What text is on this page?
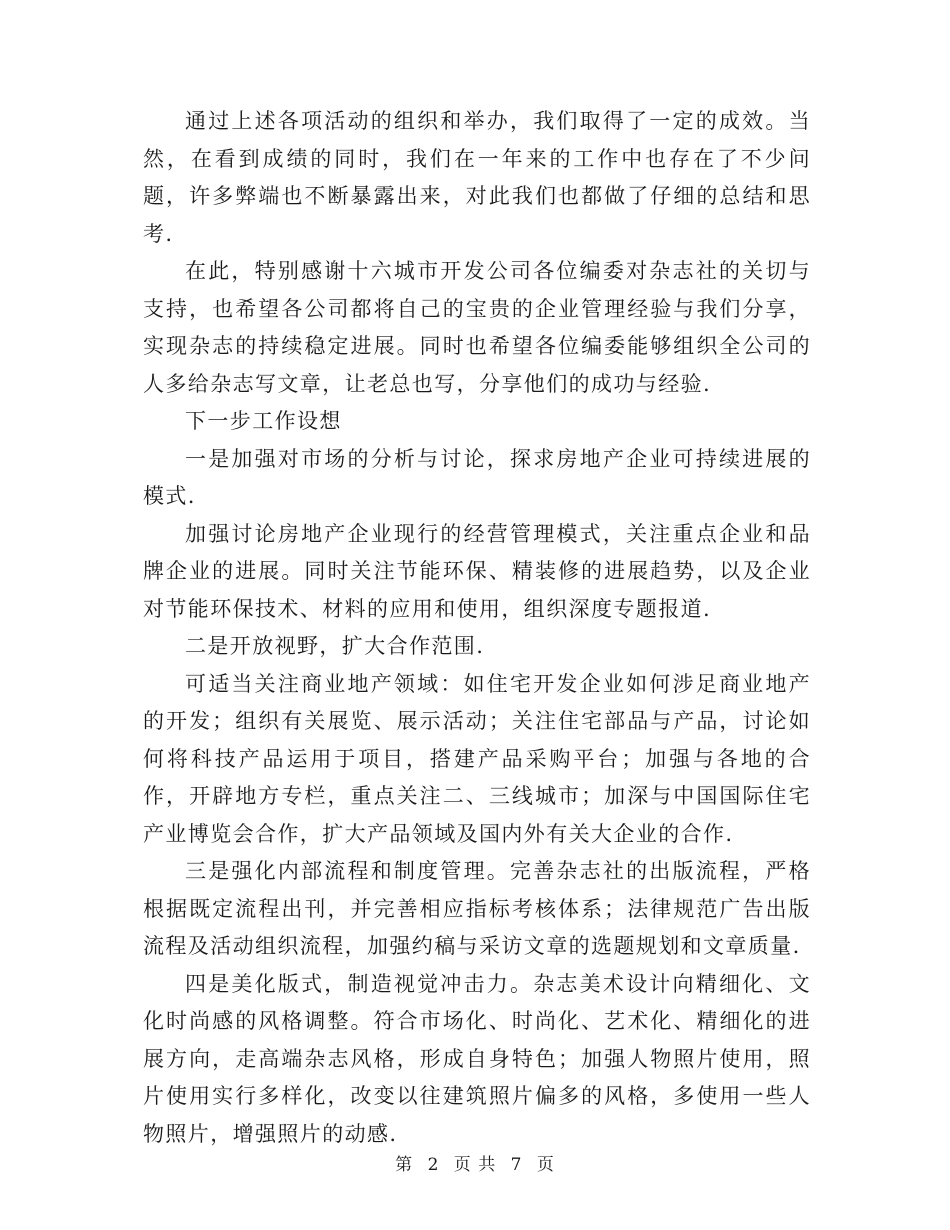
通过上述各项活动的组织和举办，我们取得了一定的成效。当然，在看到成绩的同时，我们在一年来的工作中也存在了不少问题，许多弊端也不断暴露出来，对此我们也都做了仔细的总结和思考.

在此，特别感谢十六城市开发公司各位编委对杂志社的关切与支持，也希望各公司都将自己的宝贵的企业管理经验与我们分享，实现杂志的持续稳定进展。同时也希望各位编委能够组织全公司的人多给杂志写文章，让老总也写，分享他们的成功与经验.

下一步工作设想

一是加强对市场的分析与讨论，探求房地产企业可持续进展的模式.

加强讨论房地产企业现行的经营管理模式，关注重点企业和品牌企业的进展。同时关注节能环保、精装修的进展趋势，以及企业对节能环保技术、材料的应用和使用，组织深度专题报道.

二是开放视野，扩大合作范围.

可适当关注商业地产领域：如住宅开发企业如何涉足商业地产的开发；组织有关展览、展示活动；关注住宅部品与产品，讨论如何将科技产品运用于项目，搭建产品采购平台；加强与各地的合作，开辟地方专栏，重点关注二、三线城市；加深与中国国际住宅产业博览会合作，扩大产品领域及国内外有关大企业的合作.

三是强化内部流程和制度管理。完善杂志社的出版流程，严格根据既定流程出刊，并完善相应指标考核体系；法律规范广告出版流程及活动组织流程，加强约稿与采访文章的选题规划和文章质量.

四是美化版式，制造视觉冲击力。杂志美术设计向精细化、文化时尚感的风格调整。符合市场化、时尚化、艺术化、精细化的进展方向，走高端杂志风格，形成自身特色；加强人物照片使用，照片使用实行多样化，改变以往建筑照片偏多的风格，多使用一些人物照片，增强照片的动感.

第 2 页 共 7 页
